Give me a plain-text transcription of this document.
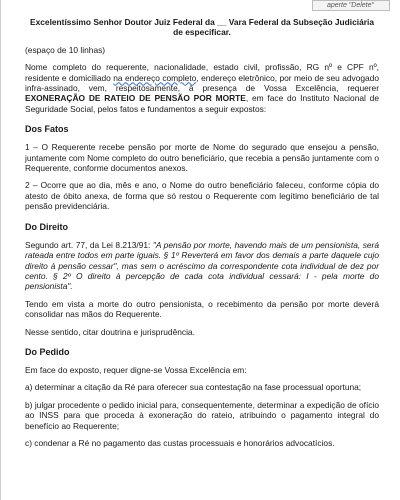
aperte "Delete"

Excelentíssimo Senhor Doutor Juiz Federal da __ Vara Federal da Subseção Judiciária de especificar.

(espaço de 10 linhas)

Nome completo do requerente, nacionalidade, estado civil, profissão, RG nº e CPF nº, residente e domiciliado na endereço completo, endereço eletrônico, por meio de seu advogado infra-assinado, vem, respeitosamente, à presença de Vossa Excelência, requerer EXONERAÇÃO DE RATEIO DE PENSÃO POR MORTE, em face do Instituto Nacional de Seguridade Social, pelos fatos e fundamentos a seguir expostos:

Dos Fatos

1 – O Requerente recebe pensão por morte de Nome do segurado que ensejou a pensão, juntamente com Nome completo do outro beneficiário, que recebia a pensão juntamente com o Requerente, conforme documentos anexos.

2 – Ocorre que ao dia, mês e ano, o Nome do outro beneficiário faleceu, conforme cópia do atesto de óbito anexa, de forma que só restou o Requerente com legítimo beneficiário de tal pensão previdenciária.

Do Direito

Segundo art. 77, da Lei 8.213/91: "A pensão por morte, havendo mais de um pensionista, será rateada entre todos em parte iguais. § 1º Reverterá em favor dos demais a parte daquele cujo direito à pensão cessar", mas sem o acréscimo da correspondente cota individual de dez por cento. § 2º O direito à percepção de cada cota individual cessará: I - pela morte do pensionista".

Tendo em vista a morte do outro pensionista, o recebimento da pensão por morte deverá consolidar nas mãos do Requerente.

Nesse sentido, citar doutrina e jurisprudência.

Do Pedido

Em face do exposto, requer digne-se Vossa Excelência em:

a) determinar a citação da Ré para oferecer sua contestação na fase processual oportuna;

b) julgar procedente o pedido inicial para, consequentemente, determinar a expedição de ofício ao INSS para que proceda à exoneração do rateio, atribuindo o pagamento integral do benefício ao Requerente;

c) condenar a Ré no pagamento das custas processuais e honorários advocatícios.
